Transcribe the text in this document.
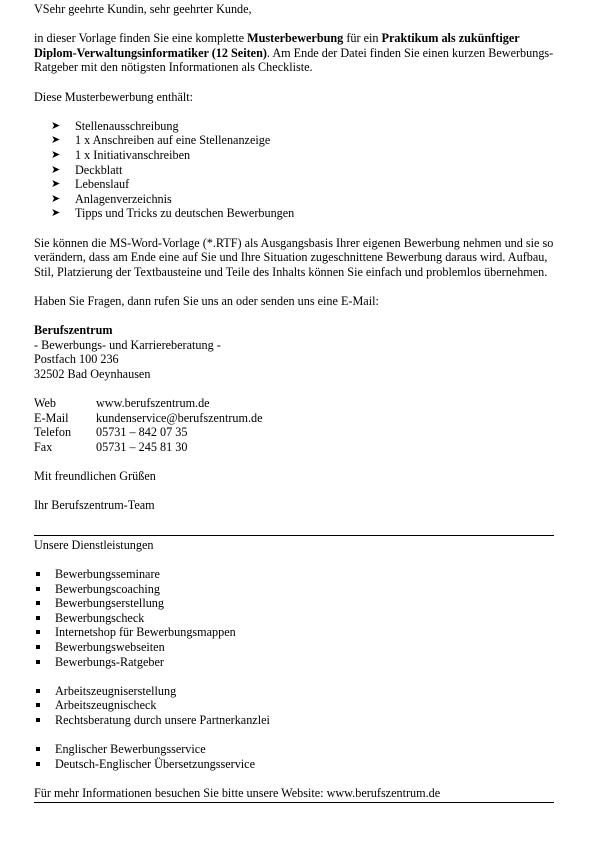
VSehr geehrte Kundin, sehr geehrter Kunde,

in dieser Vorlage finden Sie eine komplette Musterbewerbung für ein Praktikum als zukünftiger Diplom-Verwaltungsinformatiker (12 Seiten). Am Ende der Datei finden Sie einen kurzen Bewerbungs-Ratgeber mit den nötigsten Informationen als Checkliste.

Diese Musterbewerbung enthält:

➤ Stellenausschreibung
➤ 1 x Anschreiben auf eine Stellenanzeige
➤ 1 x Initiativanschreiben
➤ Deckblatt
➤ Lebenslauf
➤ Anlagenverzeichnis
➤ Tipps und Tricks zu deutschen Bewerbungen

Sie können die MS-Word-Vorlage (*.RTF) als Ausgangsbasis Ihrer eigenen Bewerbung nehmen und sie so verändern, dass am Ende eine auf Sie und Ihre Situation zugeschnittene Bewerbung daraus wird. Aufbau, Stil, Platzierung der Textbausteine und Teile des Inhalts können Sie einfach und problemlos übernehmen.

Haben Sie Fragen, dann rufen Sie uns an oder senden uns eine E-Mail:

Berufszentrum

- Bewerbungs- und Karriereberatung -

Postfach 100 236

32502 Bad Oeynhausen

Web	www.berufszentrum.de
E-Mail	kundenservice@berufszentrum.de
Telefon	05731 – 842 07 35
Fax	05731 – 245 81 30

Mit freundlichen Grüßen

Ihr Berufszentrum-Team

Unsere Dienstleistungen

Bewerbungsseminare
Bewerbungscoaching
Bewerbungserstellung
Bewerbungscheck
Internetshop für Bewerbungsmappen
Bewerbungswebseiten
Bewerbungs-Ratgeber
Arbeitszeugniserstellung
Arbeitszeugnischeck
Rechtsberatung durch unsere Partnerkanzlei
Englischer Bewerbungsservice
Deutsch-Englischer Übersetzungsservice

Für mehr Informationen besuchen Sie bitte unsere Website: www.berufszentrum.de
